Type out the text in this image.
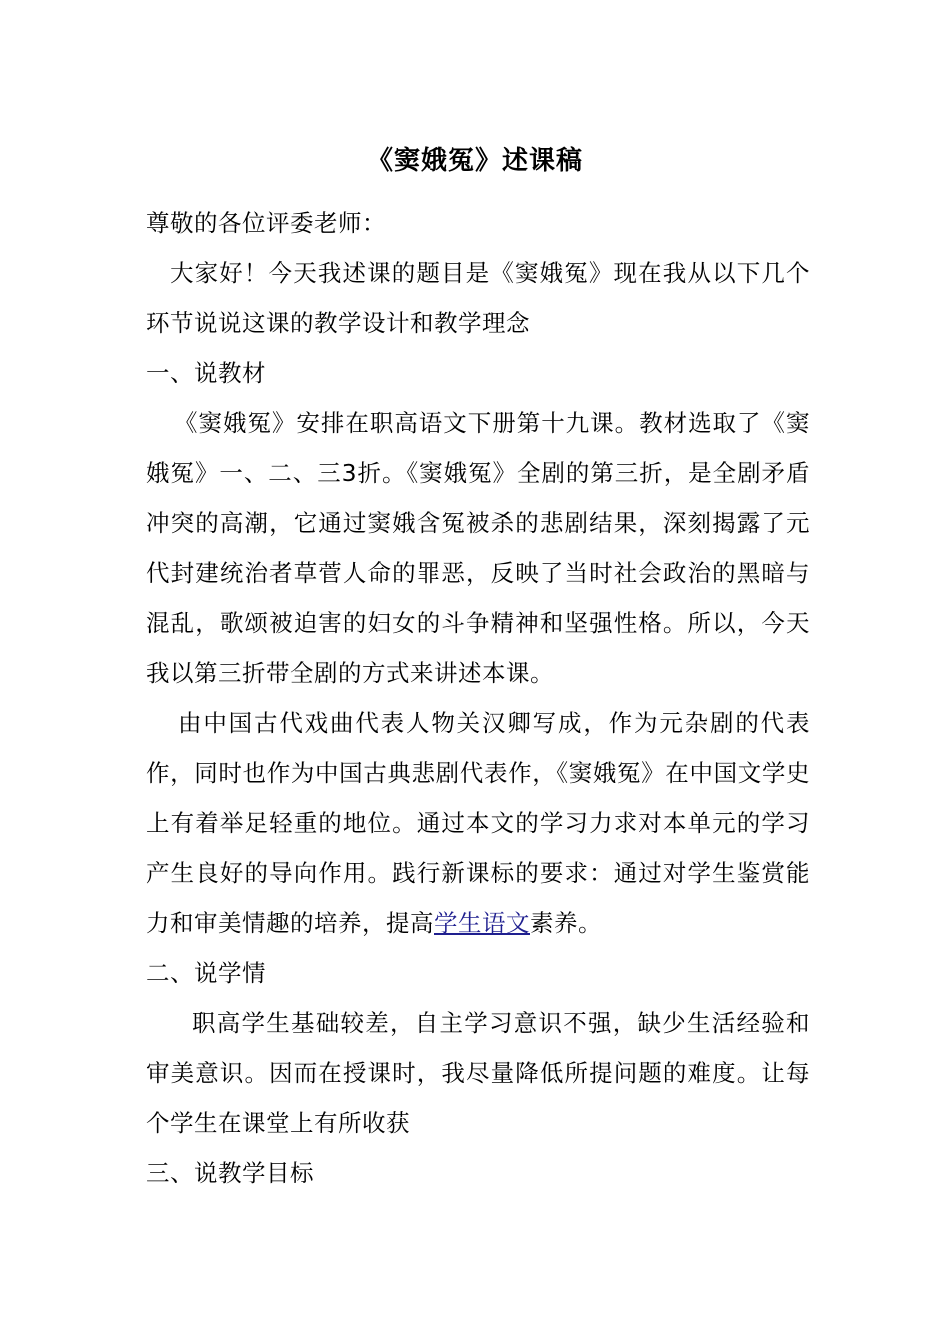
《窦娥冤》述课稿

尊敬的各位评委老师：

大家好！今天我述课的题目是《窦娥冤》现在我从以下几个环节说说这课的教学设计和教学理念

一、说教材

《窦娥冤》安排在职高语文下册第十九课。教材选取了《窦娥冤》一、二、三3折。《窦娥冤》全剧的第三折，是全剧矛盾冲突的高潮，它通过窦娥含冤被杀的悲剧结果，深刻揭露了元代封建统治者草菅人命的罪恶，反映了当时社会政治的黑暗与混乱，歌颂被迫害的妇女的斗争精神和坚强性格。所以，今天我以第三折带全剧的方式来讲述本课。

由中国古代戏曲代表人物关汉卿写成，作为元杂剧的代表作，同时也作为中国古典悲剧代表作，《窦娥冤》在中国文学史上有着举足轻重的地位。通过本文的学习力求对本单元的学习产生良好的导向作用。践行新课标的要求：通过对学生鉴赏能力和审美情趣的培养，提高学生语文素养。

二、说学情

职高学生基础较差，自主学习意识不强，缺少生活经验和审美意识。因而在授课时，我尽量降低所提问题的难度。让每个学生在课堂上有所收获

三、说教学目标
